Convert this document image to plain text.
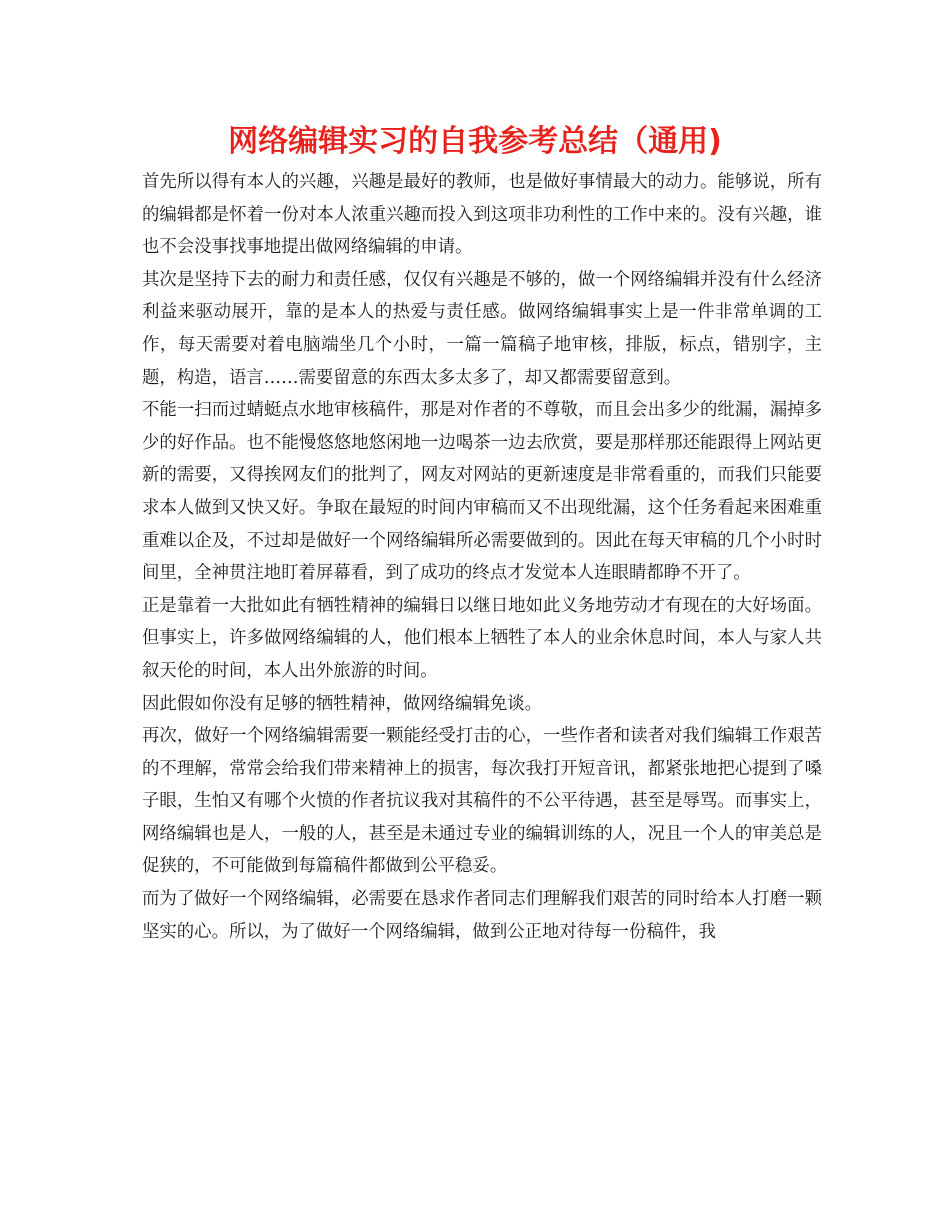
网络编辑实习的自我参考总结（通用)

首先所以得有本人的兴趣，兴趣是最好的教师，也是做好事情最大的动力。能够说，所有的编辑都是怀着一份对本人浓重兴趣而投入到这项非功利性的工作中来的。没有兴趣，谁也不会没事找事地提出做网络编辑的申请。

其次是坚持下去的耐力和责任感，仅仅有兴趣是不够的，做一个网络编辑并没有什么经济利益来驱动展开，靠的是本人的热爱与责任感。做网络编辑事实上是一件非常单调的工作，每天需要对着电脑端坐几个小时，一篇一篇稿子地审核，排版，标点，错别字，主题，构造，语言……需要留意的东西太多太多了，却又都需要留意到。

不能一扫而过蜻蜓点水地审核稿件，那是对作者的不尊敬，而且会出多少的纰漏，漏掉多少的好作品。也不能慢悠悠地悠闲地一边喝茶一边去欣赏，要是那样那还能跟得上网站更新的需要，又得挨网友们的批判了，网友对网站的更新速度是非常看重的，而我们只能要求本人做到又快又好。争取在最短的时间内审稿而又不出现纰漏，这个任务看起来困难重重难以企及，不过却是做好一个网络编辑所必需要做到的。因此在每天审稿的几个小时时间里，全神贯注地盯着屏幕看，到了成功的终点才发觉本人连眼睛都睁不开了。

正是靠着一大批如此有牺牲精神的编辑日以继日地如此义务地劳动才有现在的大好场面。但事实上，许多做网络编辑的人，他们根本上牺牲了本人的业余休息时间，本人与家人共叙天伦的时间，本人出外旅游的时间。

因此假如你没有足够的牺牲精神，做网络编辑免谈。

再次，做好一个网络编辑需要一颗能经受打击的心，一些作者和读者对我们编辑工作艰苦的不理解，常常会给我们带来精神上的损害，每次我打开短音讯，都紧张地把心提到了嗓子眼，生怕又有哪个火愤的作者抗议我对其稿件的不公平待遇，甚至是辱骂。而事实上，网络编辑也是人，一般的人，甚至是未通过专业的编辑训练的人，况且一个人的审美总是促狭的，不可能做到每篇稿件都做到公平稳妥。

而为了做好一个网络编辑，必需要在恳求作者同志们理解我们艰苦的同时给本人打磨一颗坚实的心。所以，为了做好一个网络编辑，做到公正地对待每一份稿件，我
